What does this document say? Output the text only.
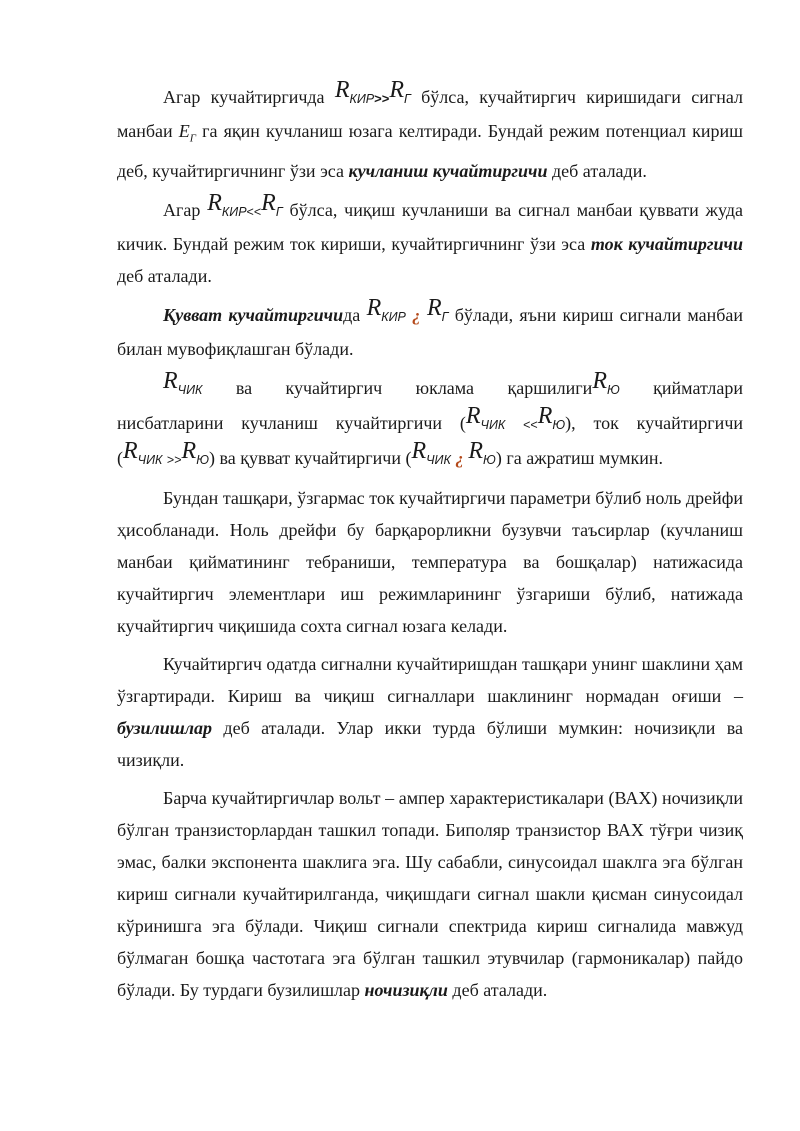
Агар кучайтиргичда RКИР>>RГ бўлса, кучайтиргич киришидаги сигнал манбаи $E_Г$ га яқин кучланиш юзага келтиради. Бундай режим потенциал кириш деб, кучайтиргичнинг ўзи эса кучланиш кучайтиргичи деб аталади.

Агар RКИР<<RГ бўлса, чиқиш кучланиши ва сигнал манбаи қуввати жуда кичик. Бундай режим ток кириши, кучайтиргичнинг ўзи эса ток кучайтиргичи деб аталади.

Қувват кучайтиргичида RКИР ¿ RГ бўлади, яъни кириш сигнали манбаи билан мувофиқлашган бўлади.

RЧИК ва кучайтиргич юклама қаршилигиRЮ қийматлари

нисбатларини кучланиш кучайтиргичи (RЧИК <<RЮ), ток кучайтиргичи (RЧИК >>RЮ) ва қувват кучайтиргичи (RЧИК ¿ RЮ) га ажратиш мумкин.

Бундан ташқари, ўзгармас ток кучайтиргичи параметри бўлиб ноль дрейфи ҳисобланади. Ноль дрейфи бу барқарорликни бузувчи таъсирлар (кучланиш манбаи қийматининг тебраниши, температура ва бошқалар) натижасида кучайтиргич элементлари иш режимларининг ўзгариши бўлиб, натижада кучайтиргич чиқишида сохта сигнал юзага келади.

Кучайтиргич одатда сигнални кучайтиришдан ташқари унинг шаклини ҳам ўзгартиради. Кириш ва чиқиш сигналлари шаклининг нормадан оғиши – бузилишлар деб аталади. Улар икки турда бўлиши мумкин: ночизиқли ва чизиқли.

Барча кучайтиргичлар вольт – ампер характеристикалари (ВАХ) ночизиқли бўлган транзисторлардан ташкил топади. Биполяр транзистор ВАХ тўғри чизиқ эмас, балки экспонента шаклига эга. Шу сабабли, синусоидал шаклга эга бўлган кириш сигнали кучайтирилганда, чиқишдаги сигнал шакли қисман синусоидал кўринишга эга бўлади. Чиқиш сигнали спектрида кириш сигналида мавжуд бўлмаган бошқа частотага эга бўлган ташкил этувчилар (гармоникалар) пайдо бўлади. Бу турдаги бузилишлар ночизиқли деб аталади.
